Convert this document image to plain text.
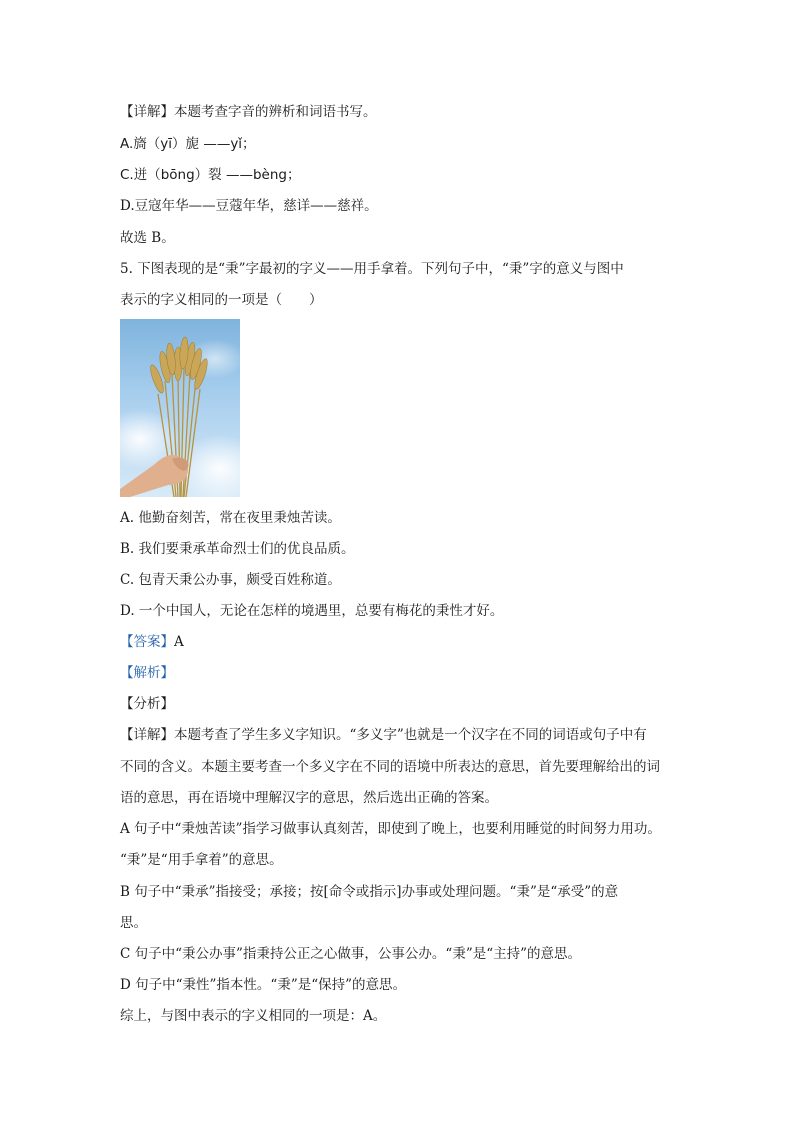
【详解】本题考查字音的辨析和词语书写。
A.旖（yī）旎 ——yǐ；
C.迸（bōng）裂 ——bèng；
D.豆寇年华——豆蔻年华，慈详——慈祥。
故选 B。
5. 下图表现的是“秉”字最初的字义——用手拿着。下列句子中，“秉”字的意义与图中
表示的字义相同的一项是（　　）
A. 他勤奋刻苦，常在夜里秉烛苦读。
B. 我们要秉承革命烈士们的优良品质。
C. 包青天秉公办事，颇受百姓称道。
D. 一个中国人，无论在怎样的境遇里，总要有梅花的秉性才好。
【答案】A
【解析】
【分析】
【详解】本题考查了学生多义字知识。“多义字”也就是一个汉字在不同的词语或句子中有
不同的含义。本题主要考查一个多义字在不同的语境中所表达的意思，首先要理解给出的词
语的意思，再在语境中理解汉字的意思，然后选出正确的答案。
A 句子中“秉烛苦读”指学习做事认真刻苦，即使到了晚上，也要利用睡觉的时间努力用功。
“秉”是“用手拿着”的意思。
B 句子中“秉承”指接受；承接；按[命令或指示]办事或处理问题。“秉”是“承受”的意
思。
C 句子中“秉公办事”指秉持公正之心做事，公事公办。“秉”是“主持”的意思。
D 句子中“秉性”指本性。“秉”是“保持”的意思。
综上，与图中表示的字义相同的一项是：A。
